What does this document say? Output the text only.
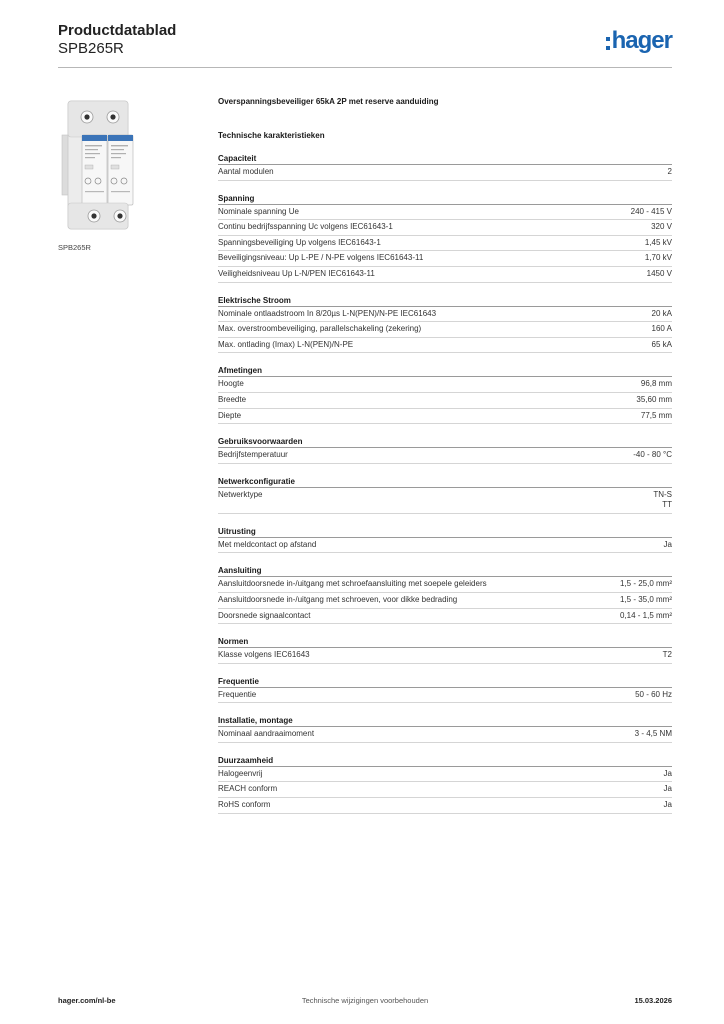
Productdatablad
SPB265R	hager
SPB265R
Overspanningsbeveiliger 65kA 2P met reserve aanduiding
Technische karakteristieken
Capaciteit
Aantal modulen	2
Spanning
Nominale spanning Ue	240 - 415 V
Continu bedrijfsspanning Uc volgens IEC61643-1	320 V
Spanningsbeveiliging Up volgens IEC61643-1	1,45 kV
Beveiligingsniveau: Up L-PE / N-PE volgens IEC61643-11	1,70 kV
Veiligheidsniveau Up L-N/PEN IEC61643-11	1450 V
Elektrische Stroom
Nominale ontlaadstroom In 8/20µs L-N(PEN)/N-PE IEC61643	20 kA
Max. overstroombeveiliging, parallelschakeling (zekering)	160 A
Max. ontlading (Imax) L-N(PEN)/N-PE	65 kA
Afmetingen
Hoogte	96,8 mm
Breedte	35,60 mm
Diepte	77,5 mm
Gebruiksvoorwaarden
Bedrijfstemperatuur	-40 - 80 °C
Netwerkconfiguratie
Netwerktype	TN-S
TT
Uitrusting
Met meldcontact op afstand	Ja
Aansluiting
Aansluitdoorsnede in-/uitgang met schroefaansluiting met soepele geleiders	1,5 - 25,0 mm²
Aansluitdoorsnede in-/uitgang met schroeven, voor dikke bedrading	1,5 - 35,0 mm²
Doorsnede signaalcontact	0,14 - 1,5 mm²
Normen
Klasse volgens IEC61643	T2
Frequentie
Frequentie	50 - 60 Hz
Installatie, montage
Nominaal aandraaimoment	3 - 4,5 NM
Duurzaamheid
Halogeenvrij	Ja
REACH conform	Ja
RoHS conform	Ja
hager.com/nl-be	Technische wijzigingen voorbehouden	15.03.2026
